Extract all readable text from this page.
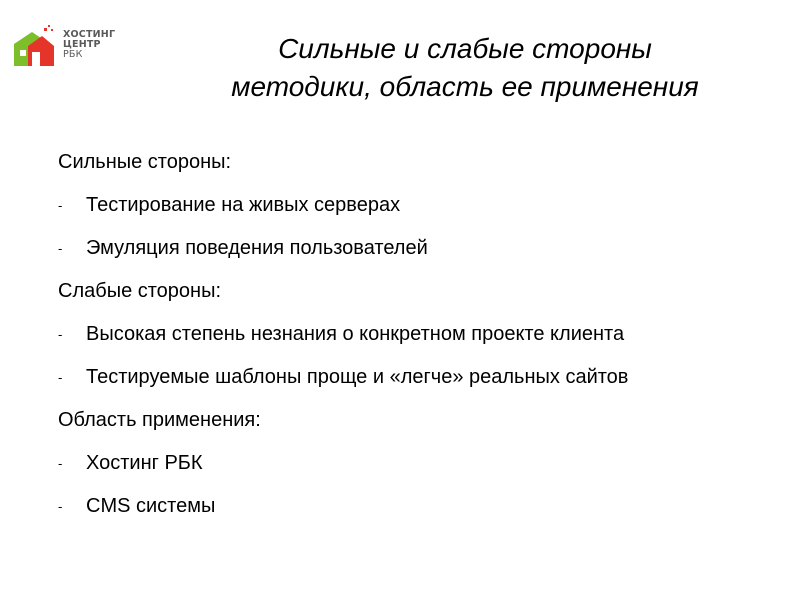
ХОСТИНГ
ЦЕНТР
РБК	Сильные и слабые стороны
методики, область ее применения
Сильные стороны:
- Тестирование на живых серверах
- Эмуляция поведения пользователей
Слабые стороны:
- Высокая степень незнания о конкретном проекте клиента
- Тестируемые шаблоны проще и «легче» реальных сайтов
Область применения:
- Хостинг РБК
- CMS системы
